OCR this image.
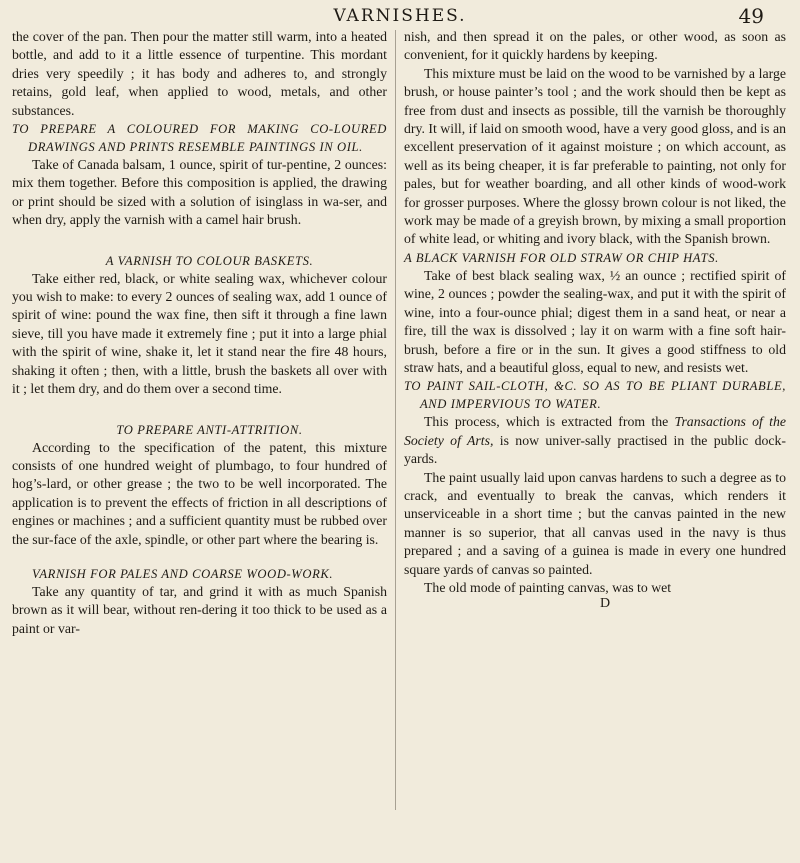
VARNISHES.	49

the cover of the pan. Then pour the matter still warm, into a heated bottle, and add to it a little essence of turpentine. This mordant dries very speedily ; it has body and adheres to, and strongly retains, gold leaf, when applied to wood, metals, and other substances.

TO PREPARE A COLOURED FOR MAKING CO-LOURED DRAWINGS AND PRINTS RESEMBLE PAINTINGS IN OIL.

Take of Canada balsam, 1 ounce, spirit of tur-pentine, 2 ounces: mix them together. Before this composition is applied, the drawing or print should be sized with a solution of isinglass in wa-ser, and when dry, apply the varnish with a camel hair brush.

A VARNISH TO COLOUR BASKETS.

Take either red, black, or white sealing wax, whichever colour you wish to make: to every 2 ounces of sealing wax, add 1 ounce of spirit of wine: pound the wax fine, then sift it through a fine lawn sieve, till you have made it extremely fine ; put it into a large phial with the spirit of wine, shake it, let it stand near the fire 48 hours, shaking it often ; then, with a little, brush the baskets all over with it ; let them dry, and do them over a second time.

TO PREPARE ANTI-ATTRITION.

According to the specification of the patent, this mixture consists of one hundred weight of plumbago, to four hundred of hog’s-lard, or other grease ; the two to be well incorporated. The application is to prevent the effects of friction in all descriptions of engines or machines ; and a sufficient quantity must be rubbed over the sur-face of the axle, spindle, or other part where the bearing is.

VARNISH FOR PALES AND COARSE WOOD-WORK.

Take any quantity of tar, and grind it with as much Spanish brown as it will bear, without ren-dering it too thick to be used as a paint or var-

nish, and then spread it on the pales, or other wood, as soon as convenient, for it quickly hardens by keeping.

This mixture must be laid on the wood to be varnished by a large brush, or house painter’s tool ; and the work should then be kept as free from dust and insects as possible, till the varnish be thoroughly dry. It will, if laid on smooth wood, have a very good gloss, and is an excellent preservation of it against moisture ; on which account, as well as its being cheaper, it is far preferable to painting, not only for pales, but for weather boarding, and all other kinds of wood-work for grosser purposes. Where the glossy brown colour is not liked, the work may be made of a greyish brown, by mixing a small proportion of white lead, or whiting and ivory black, with the Spanish brown.

A BLACK VARNISH FOR OLD STRAW OR CHIP HATS.

Take of best black sealing wax, ½ an ounce ; rectified spirit of wine, 2 ounces ; powder the sealing-wax, and put it with the spirit of wine, into a four-ounce phial; digest them in a sand heat, or near a fire, till the wax is dissolved ; lay it on warm with a fine soft hair-brush, before a fire or in the sun. It gives a good stiffness to old straw hats, and a beautiful gloss, equal to new, and resists wet.

TO PAINT SAIL-CLOTH, &C. SO AS TO BE PLIANT DURABLE, AND IMPERVIOUS TO WATER.

This process, which is extracted from the Transactions of the Society of Arts, is now univer-sally practised in the public dock-yards.

The paint usually laid upon canvas hardens to such a degree as to crack, and eventually to break the canvas, which renders it unserviceable in a short time ; but the canvas painted in the new manner is so superior, that all canvas used in the navy is thus prepared ; and a saving of a guinea is made in every one hundred square yards of canvas so painted.

The old mode of painting canvas, was to wet

D
